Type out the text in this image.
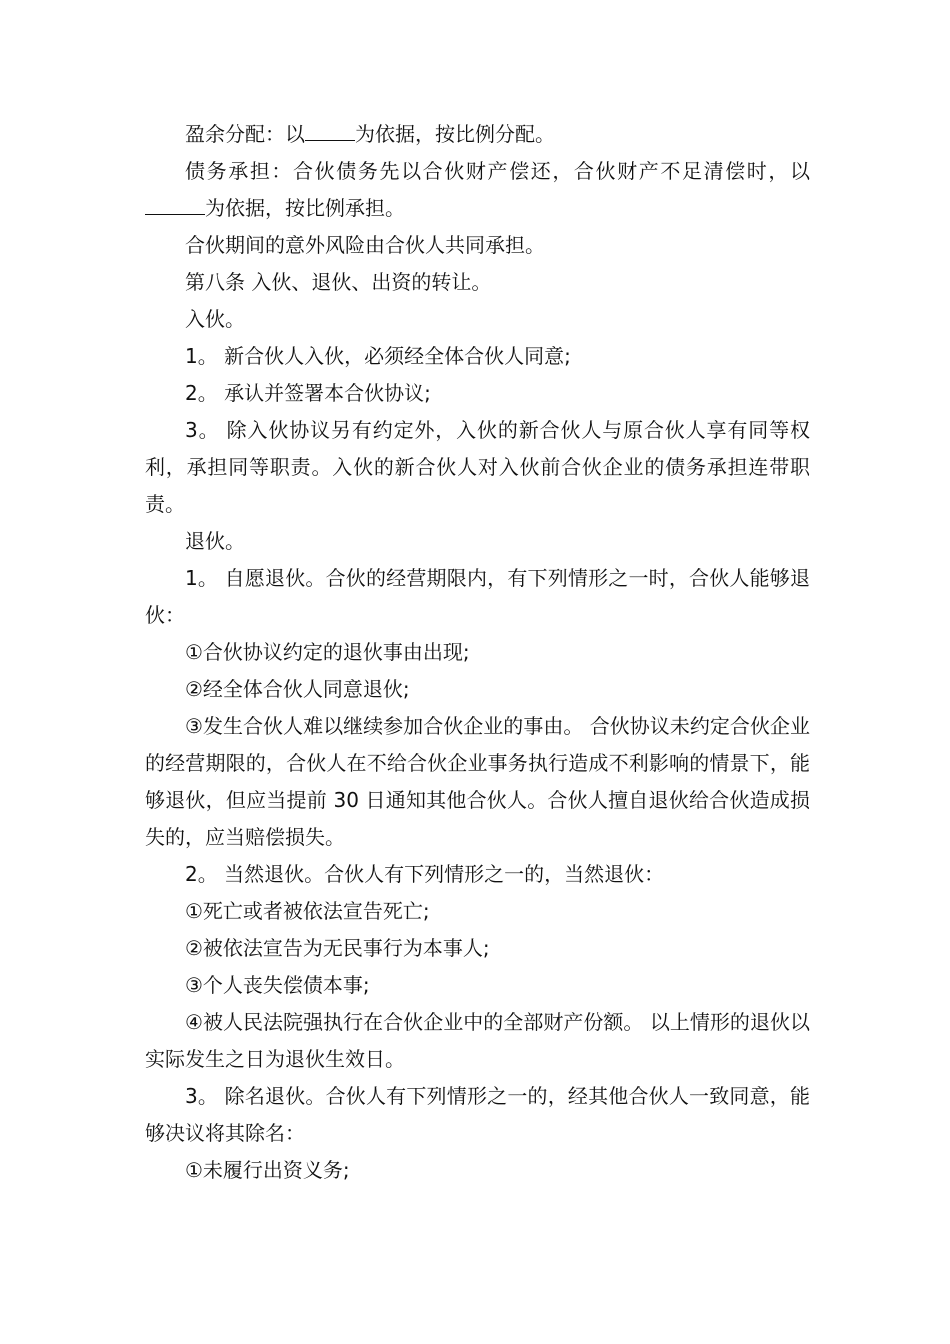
盈余分配：以	为依据，按比例分配。

债务承担：合伙债务先以合伙财产偿还，合伙财产不足清偿时，以为依据，按比例承担。

合伙期间的意外风险由合伙人共同承担。

第八条 入伙、退伙、出资的转让。

入伙。

1。 新合伙人入伙，必须经全体合伙人同意;

2。 承认并签署本合伙协议;

3。 除入伙协议另有约定外，入伙的新合伙人与原合伙人享有同等权利，承担同等职责。入伙的新合伙人对入伙前合伙企业的债务承担连带职责。

退伙。

1。 自愿退伙。合伙的经营期限内，有下列情形之一时，合伙人能够退伙：

①合伙协议约定的退伙事由出现;

②经全体合伙人同意退伙;

③发生合伙人难以继续参加合伙企业的事由。 合伙协议未约定合伙企业的经营期限的，合伙人在不给合伙企业事务执行造成不利影响的情景下，能够退伙，但应当提前 30 日通知其他合伙人。合伙人擅自退伙给合伙造成损失的，应当赔偿损失。

2。 当然退伙。合伙人有下列情形之一的，当然退伙：

①死亡或者被依法宣告死亡;

②被依法宣告为无民事行为本事人;

③个人丧失偿债本事;

④被人民法院强执行在合伙企业中的全部财产份额。 以上情形的退伙以实际发生之日为退伙生效日。

3。 除名退伙。合伙人有下列情形之一的，经其他合伙人一致同意，能够决议将其除名：

①未履行出资义务;
